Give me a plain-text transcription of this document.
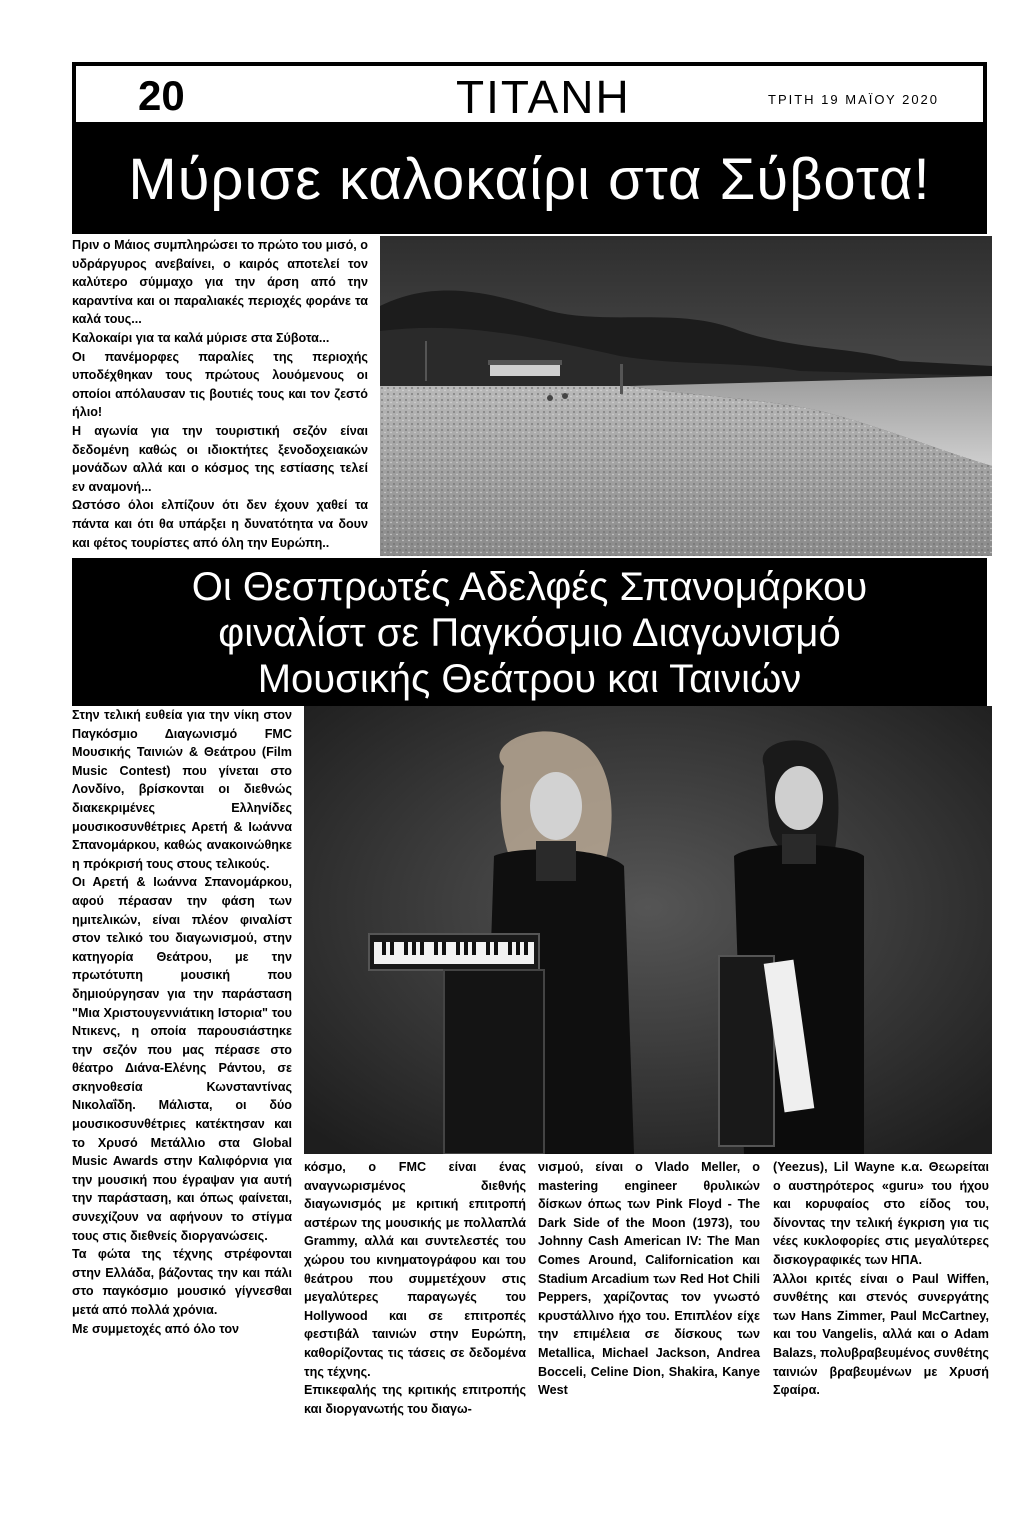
20	ΤΙΤΑΝΗ	ΤΡΙΤΗ 19 ΜΑΪΟΥ 2020
Μύρισε καλοκαίρι στα Σύβοτα!

Πριν ο Μάιος συμπληρώσει το πρώτο του μισό, ο υδράργυρος ανεβαίνει, ο καιρός αποτελεί τον καλύτερο σύμμαχο για την άρση από την καραντίνα και οι παραλιακές περιοχές φοράνε τα καλά τους...

Καλοκαίρι για τα καλά μύρισε στα Σύβοτα...

Οι πανέμορφες παραλίες της περιοχής υποδέχθηκαν τους πρώτους λουόμενους οι οποίοι απόλαυσαν τις βουτιές τους και τον ζεστό ήλιο!

Η αγωνία για την τουριστική σεζόν είναι δεδομένη καθώς οι ιδιοκτήτες ξενοδοχειακών μονάδων αλλά και ο κόσμος της εστίασης τελεί εν αναμονή...

Ωστόσο όλοι ελπίζουν ότι δεν έχουν χαθεί τα πάντα και ότι θα υπάρξει η δυνατότητα να δουν και φέτος τουρίστες από όλη την Ευρώπη..

Οι Θεσπρωτές Αδελφές Σπανομάρκου
φιναλίστ σε Παγκόσμιο Διαγωνισμό
Μουσικής Θεάτρου και Ταινιών

Στην τελική ευθεία για την νίκη στον Παγκόσμιο Διαγωνισμό FMC Μουσικής Ταινιών & Θεάτρου (Film Music Contest) που γίνεται στο Λονδίνο, βρίσκονται οι διεθνώς διακεκριμένες Ελληνίδες μουσικοσυνθέτριες Αρετή & Ιωάννα Σπανομάρκου, καθώς ανακοινώθηκε η πρόκρισή τους στους τελικούς.

Οι Αρετή & Ιωάννα Σπανομάρκου, αφού πέρασαν την φάση των ημιτελικών, είναι πλέον φιναλίστ στον τελικό του διαγωνισμού, στην κατηγορία Θεάτρου, με την πρωτότυπη μουσική που δημιούργησαν για την παράσταση "Μια Χριστουγεννιάτικη Ιστορια" του Ντικενς, η οποία παρουσιάστηκε την σεζόν που μας πέρασε στο θέατρο Διάνα-Ελένης Ράντου, σε σκηνοθεσία Κωνσταντίνας Νικολαΐδη. Μάλιστα, οι δύο μουσικοσυνθέτριες κατέκτησαν και το Χρυσό Μετάλλιο στα Global Music Awards στην Καλιφόρνια για την μουσική που έγραψαν για αυτή την παράσταση, και όπως φαίνεται, συνεχίζουν να αφήνουν το στίγμα τους στις διεθνείς διοργανώσεις.

Τα φώτα της τέχνης στρέφονται στην Ελλάδα, βάζοντας την και πάλι στο παγκόσμιο μουσικό γίγνεσθαι μετά από πολλά χρόνια.

Με συμμετοχές από όλο τον

κόσμο, ο FMC είναι ένας αναγνωρισμένος διεθνής διαγωνισμός με κριτική επιτροπή αστέρων της μουσικής με πολλαπλά Grammy, αλλά και συντελεστές του χώρου του κινηματογράφου και του θεάτρου που συμμετέχουν στις μεγαλύτερες παραγωγές του Hollywood και σε επιτροπές φεστιβάλ ταινιών στην Ευρώπη, καθορίζοντας τις τάσεις σε δεδομένα της τέχνης.

Επικεφαλής της κριτικής επιτροπής και διοργανωτής του διαγω-

νισμού, είναι ο Vlado Meller, ο mastering engineer θρυλικών δίσκων όπως των Pink Floyd - The Dark Side of the Moon (1973), του Johnny Cash American IV: The Man Comes Around, Californication και Stadium Arcadium των Red Hot Chili Peppers, χαρίζοντας τον γνωστό κρυστάλλινο ήχο του. Επιπλέον είχε την επιμέλεια σε δίσκους των Metallica, Michael Jackson, Andrea Bocceli, Celine Dion, Shakira, Kanye West

(Yeezus), Lil Wayne κ.α. Θεωρείται ο αυστηρότερος «guru» του ήχου και κορυφαίος στο είδος του, δίνοντας την τελική έγκριση για τις νέες κυκλοφορίες στις μεγαλύτερες δισκογραφικές των ΗΠΑ.

Άλλοι κριτές είναι ο Paul Wiffen, συνθέτης και στενός συνεργάτης των Hans Zimmer, Paul McCartney, και του Vangelis, αλλά και ο Adam Balazs, πολυβραβευμένος συνθέτης ταινιών βραβευμένων με Χρυσή Σφαίρα.
